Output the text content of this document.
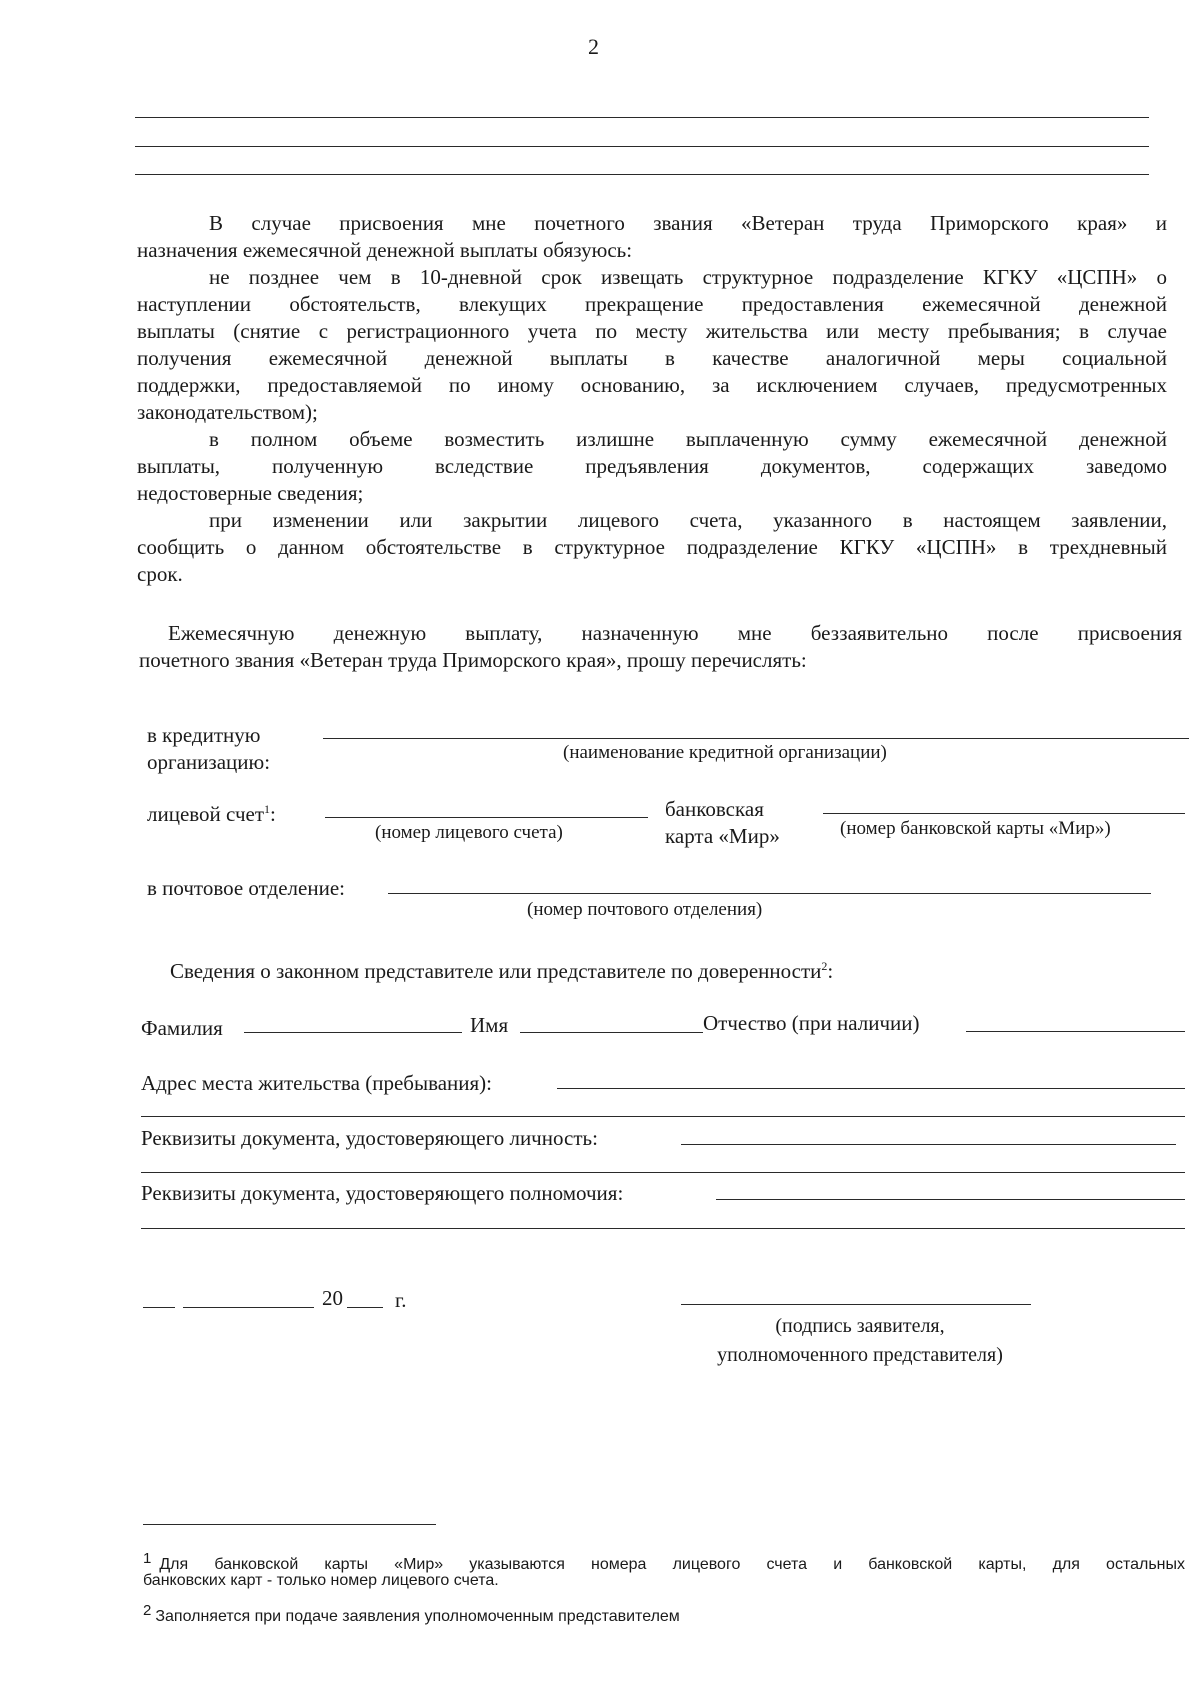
2
В случае присвоения мне почетного звания «Ветеран труда Приморского края» и
назначения ежемесячной денежной выплаты обязуюсь:
не позднее чем в 10-дневной срок извещать структурное подразделение КГКУ «ЦСПН» о
наступлении обстоятельств, влекущих прекращение предоставления ежемесячной денежной
выплаты (снятие с регистрационного учета по месту жительства или месту пребывания; в случае
получения ежемесячной денежной выплаты в качестве аналогичной меры социальной
поддержки, предоставляемой по иному основанию, за исключением случаев, предусмотренных
законодательством);
в полном объеме возместить излишне выплаченную сумму ежемесячной денежной
выплаты, полученную вследствие предъявления документов, содержащих заведомо
недостоверные сведения;
при изменении или закрытии лицевого счета, указанного в настоящем заявлении,
сообщить о данном обстоятельстве в структурное подразделение КГКУ «ЦСПН» в трехдневный
срок.
Ежемесячную денежную выплату, назначенную мне беззаявительно после присвоения
почетного звания «Ветеран труда Приморского края», прошу перечислять:
в кредитную
организацию:	(наименование кредитной организации)
лицевой счет$^1$:
(номер лицевого счета)
банковская
карта «Мир»	(номер банковской карты «Мир»)
в почтовое отделение:
(номер почтового отделения)
Сведения о законном представителе или представителе по доверенности$^2$:
Фамилия	Имя	Отчество (при наличии)
Адрес места жительства (пребывания):
Реквизиты документа, удостоверяющего личность:
Реквизиты документа, удостоверяющего полномочия:
20 г.
(подпись заявителя,
уполномоченного представителя)
1 Для банковской карты «Мир» указываются номера лицевого счета и банковской карты, для остальных
банковских карт - только номер лицевого счета.
2 Заполняется при подаче заявления уполномоченным представителем
